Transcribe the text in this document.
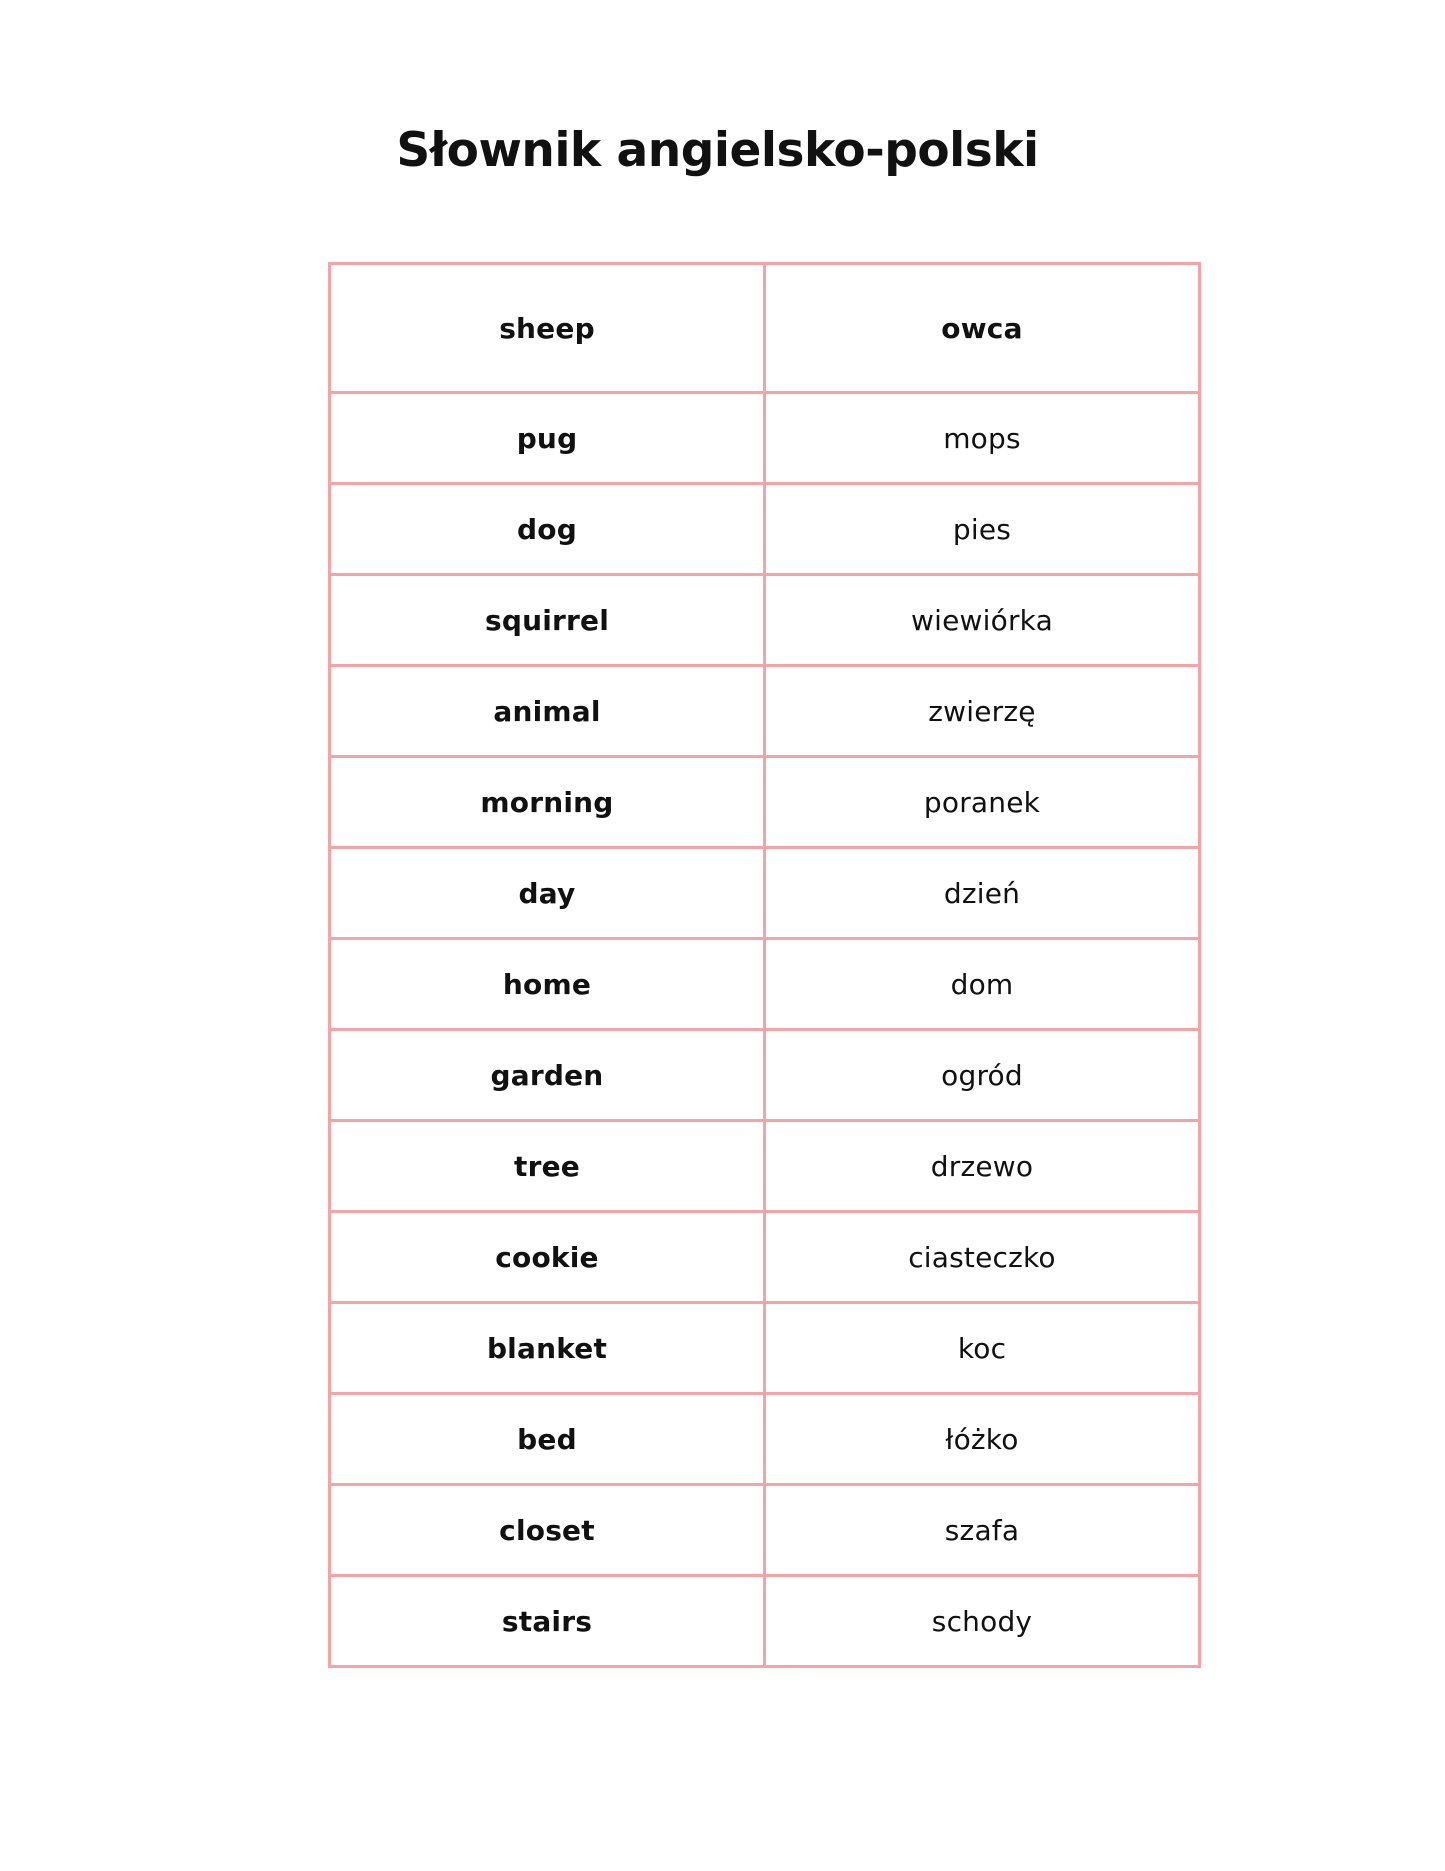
Słownik angielsko-polski
sheep	owca
pug	mops
dog	pies
squirrel	wiewiórka
animal	zwierzę
morning	poranek
day	dzień
home	dom
garden	ogród
tree	drzewo
cookie	ciasteczko
blanket	koc
bed	łóżko
closet	szafa
stairs	schody
